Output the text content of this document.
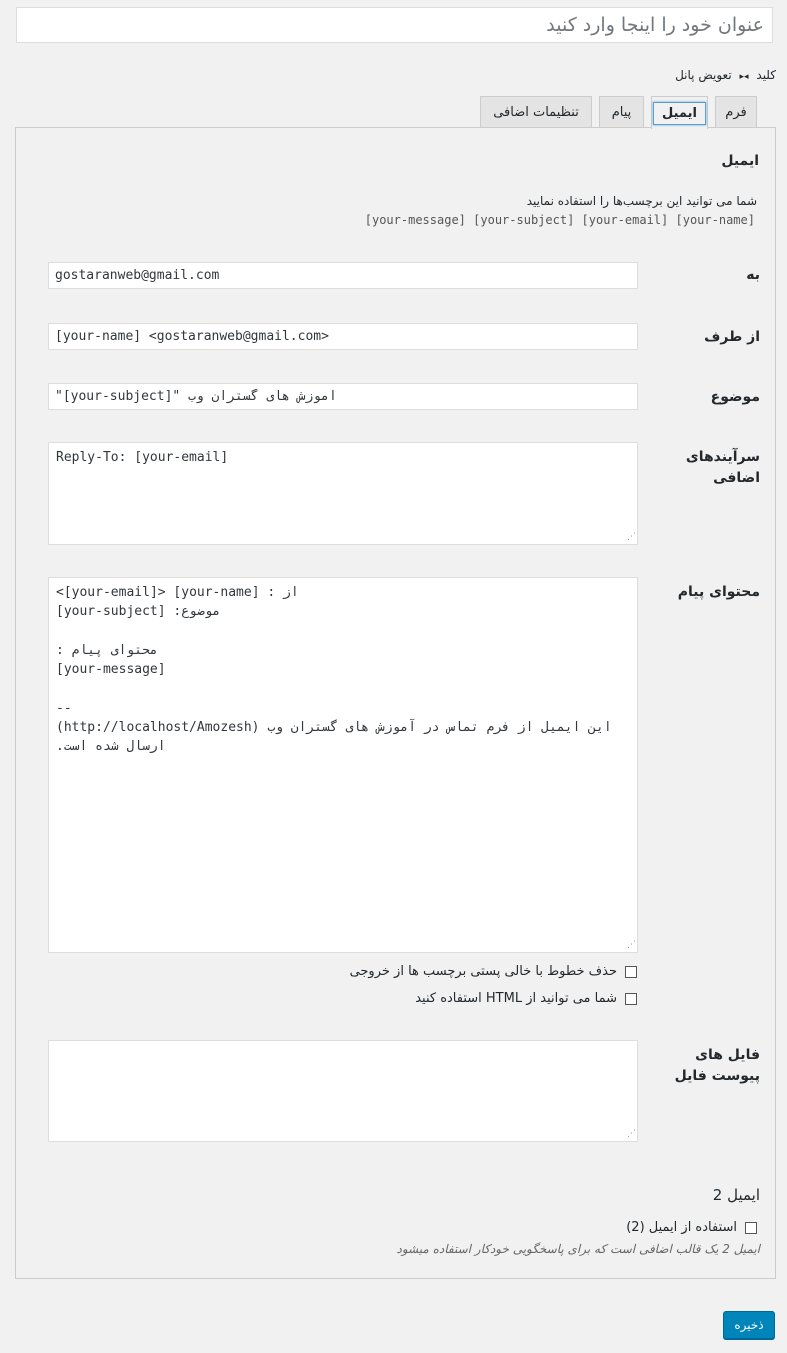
عنوان خود را اینجا وارد کنید
کلید ◂▸ تعویض پانل
فرم
ایمیل
پیام
تنظیمات اضافی
ایمیل
شما می توانید این برچسب‌ها را استفاده نمایید
[your-name] [your-email] [your-subject] [your-message]
به
gostaranweb@gmail.com
از طرف
[your-name] <gostaranweb@gmail.com>
موضوع
آموزش های گستران وب "[your-subject]"
سرآیندهای
اضافی
Reply-To: [your-email]
⋰
محتوای پیام
از : [your-name] <[your-email]> موضوع: [your-subject] محتوای پیام : [your-message] -- این ایمیل از فرم تماس در آموزش های گستران وب (http://localhost/Amozesh) ارسال شده است.
⋰
حذف خطوط با خالی پستی برچسب ها از خروجی
شما می توانید از HTML استفاده کنید
فایل های
پیوست فایل
⋰
ایمیل 2
استفاده از ایمیل (2)
ایمیل 2 یک قالب اضافی است که برای پاسخگویی خودکار استفاده میشود
ذخیره
